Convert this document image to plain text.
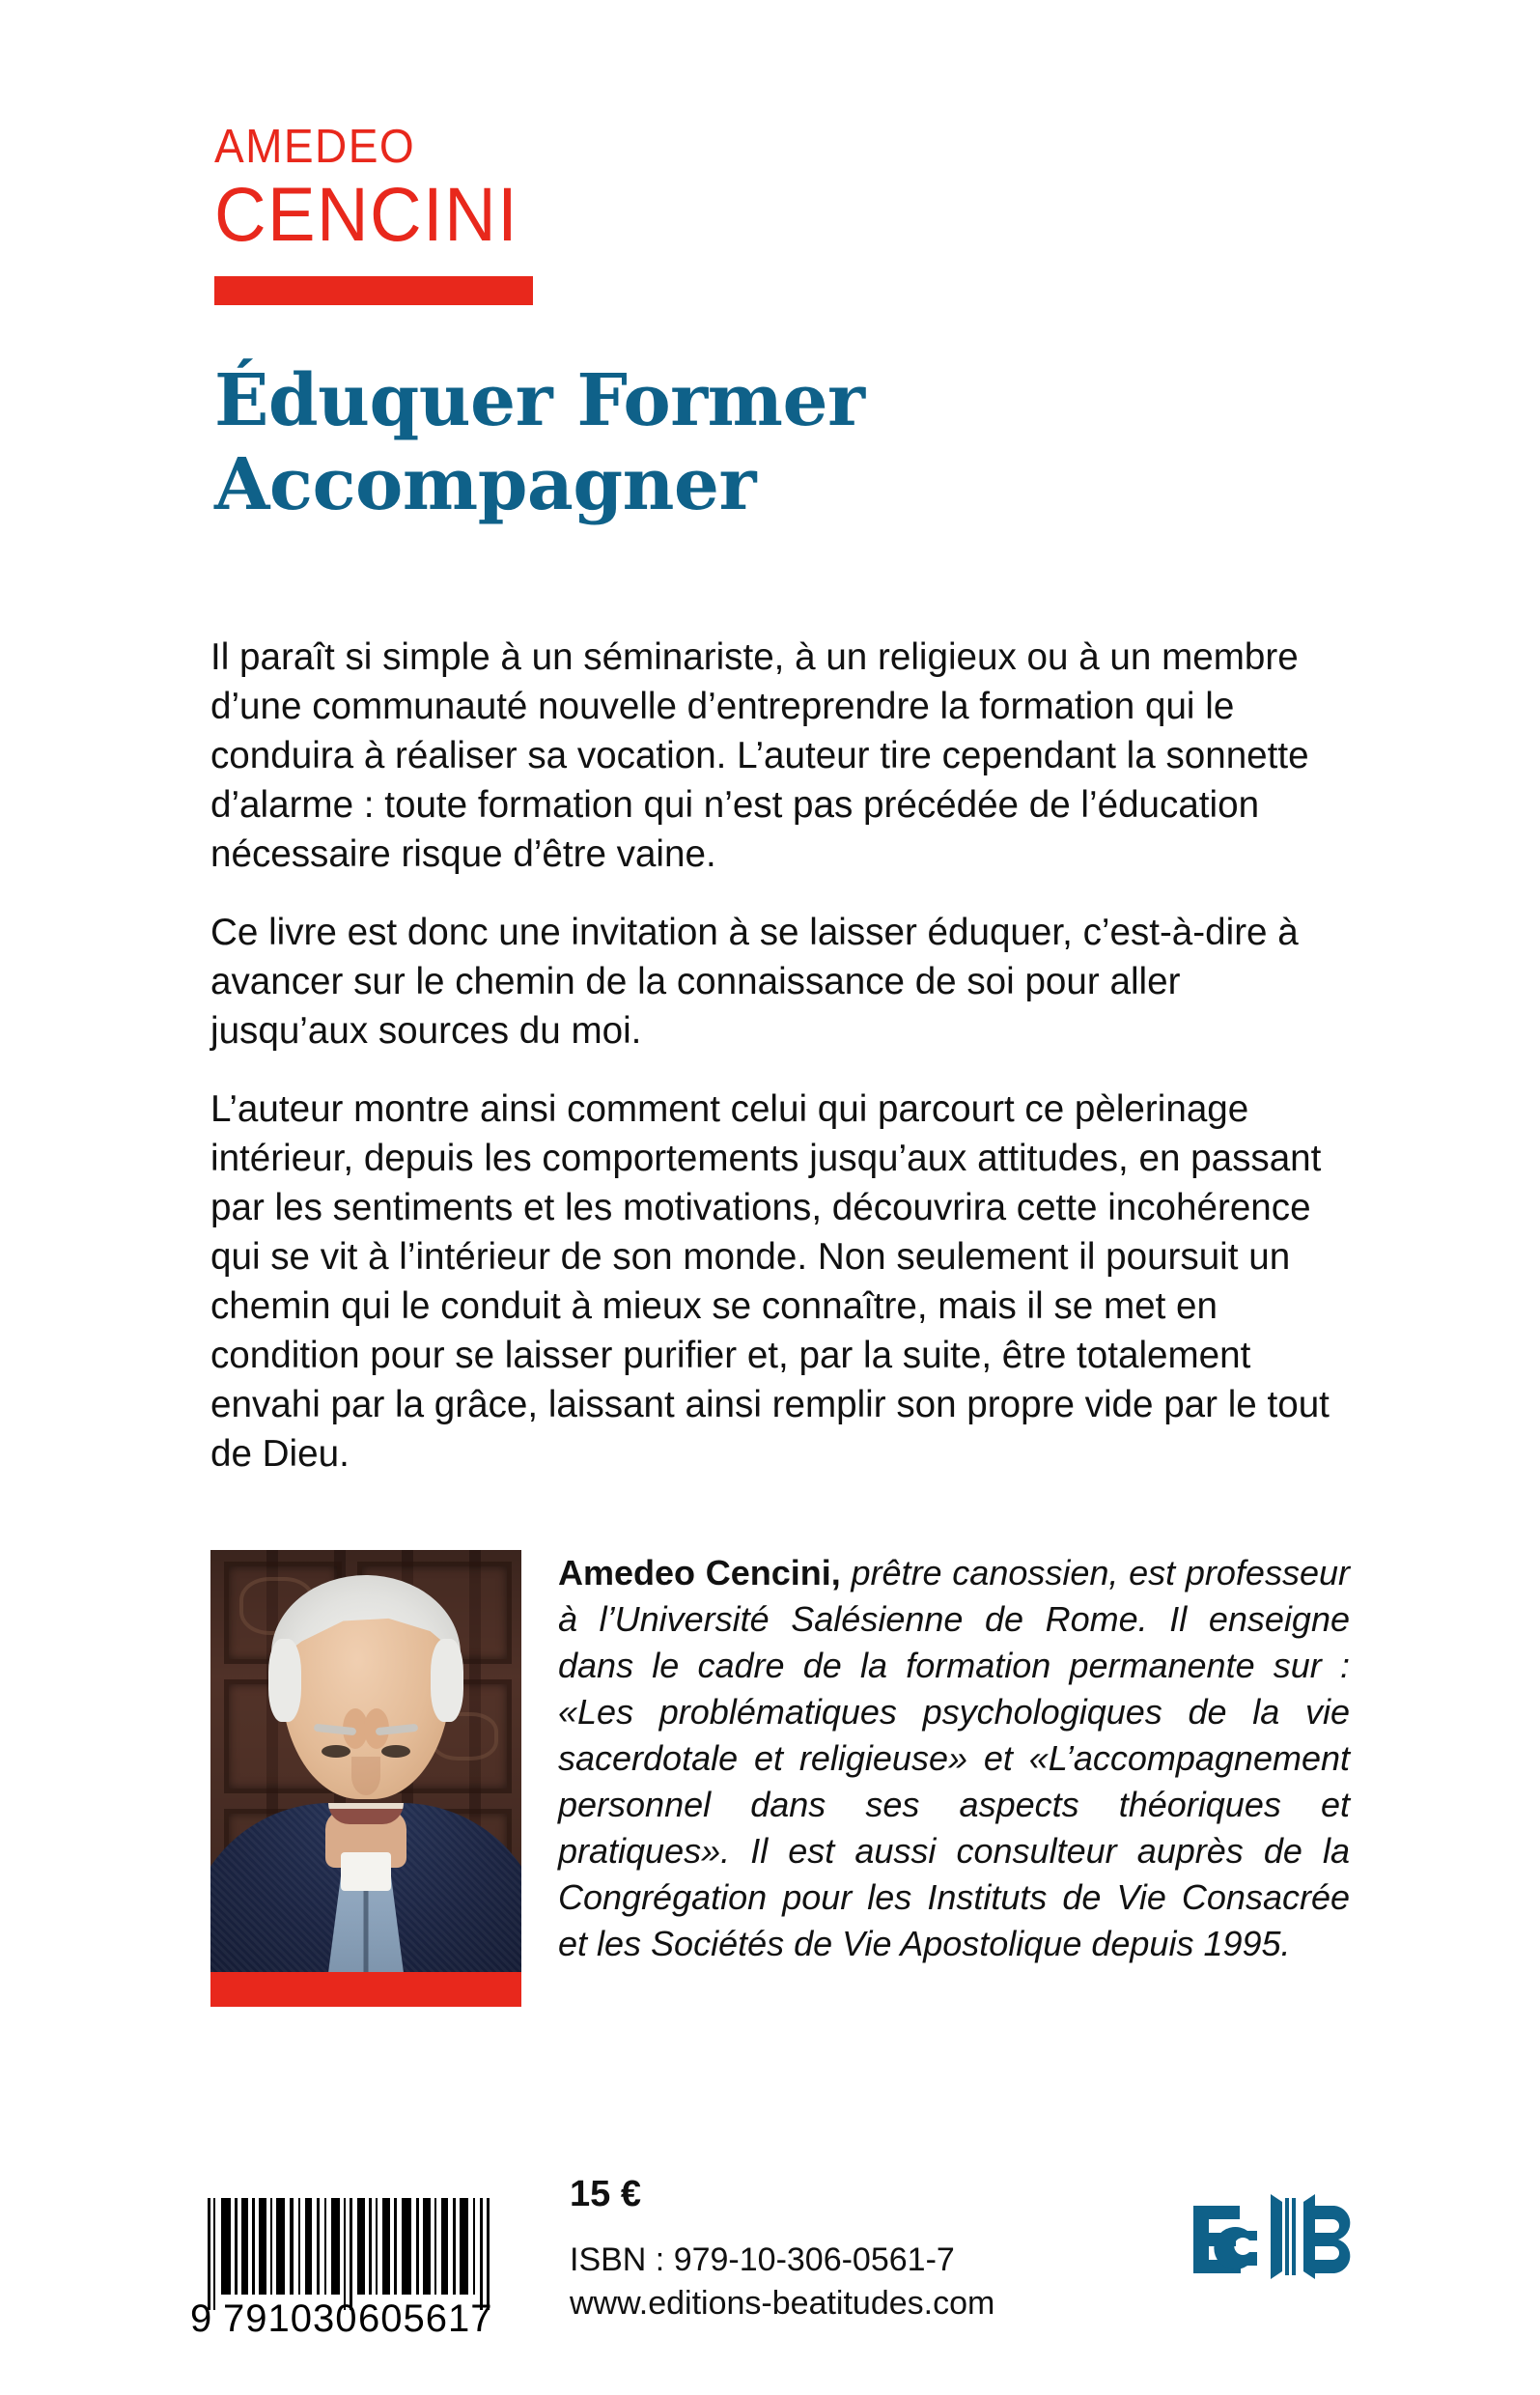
AMEDEO
CENCINI
Éduquer Former
Accompagner

Il paraît si simple à un séminariste, à un religieux ou à un membre d’une communauté nouvelle d’entreprendre la formation qui le conduira à réaliser sa vocation. L’auteur tire cependant la sonnette d’alarme : toute formation qui n’est pas précédée de l’éducation nécessaire risque d’être vaine.

Ce livre est donc une invitation à se laisser éduquer, c’est-à-dire à avancer sur le chemin de la connaissance de soi pour aller jusqu’aux sources du moi.

L’auteur montre ainsi comment celui qui parcourt ce pèlerinage intérieur, depuis les comportements jusqu’aux attitudes, en passant par les sentiments et les motivations, découvrira cette incohérence qui se vit à l’intérieur de son monde. Non seulement il poursuit un chemin qui le conduit à mieux se connaître, mais il se met en condition pour se laisser purifier et, par la suite, être totalement envahi par la grâce, laissant ainsi remplir son propre vide par le tout de Dieu.

Amedeo Cencini, prêtre canossien, est professeur à l’Université Salésienne de Rome. Il enseigne dans le cadre de la formation permanente sur : «Les problématiques psychologiques de la vie sacerdotale et religieuse» et «L’accompagnement personnel dans ses aspects théoriques et pratiques». Il est aussi consulteur auprès de la Congrégation pour les Instituts de Vie Consacrée et les Sociétés de Vie Apostolique depuis 1995.
9 791030 605617
15 €
ISBN : 979-10-306-0561-7
www.editions-beatitudes.com
